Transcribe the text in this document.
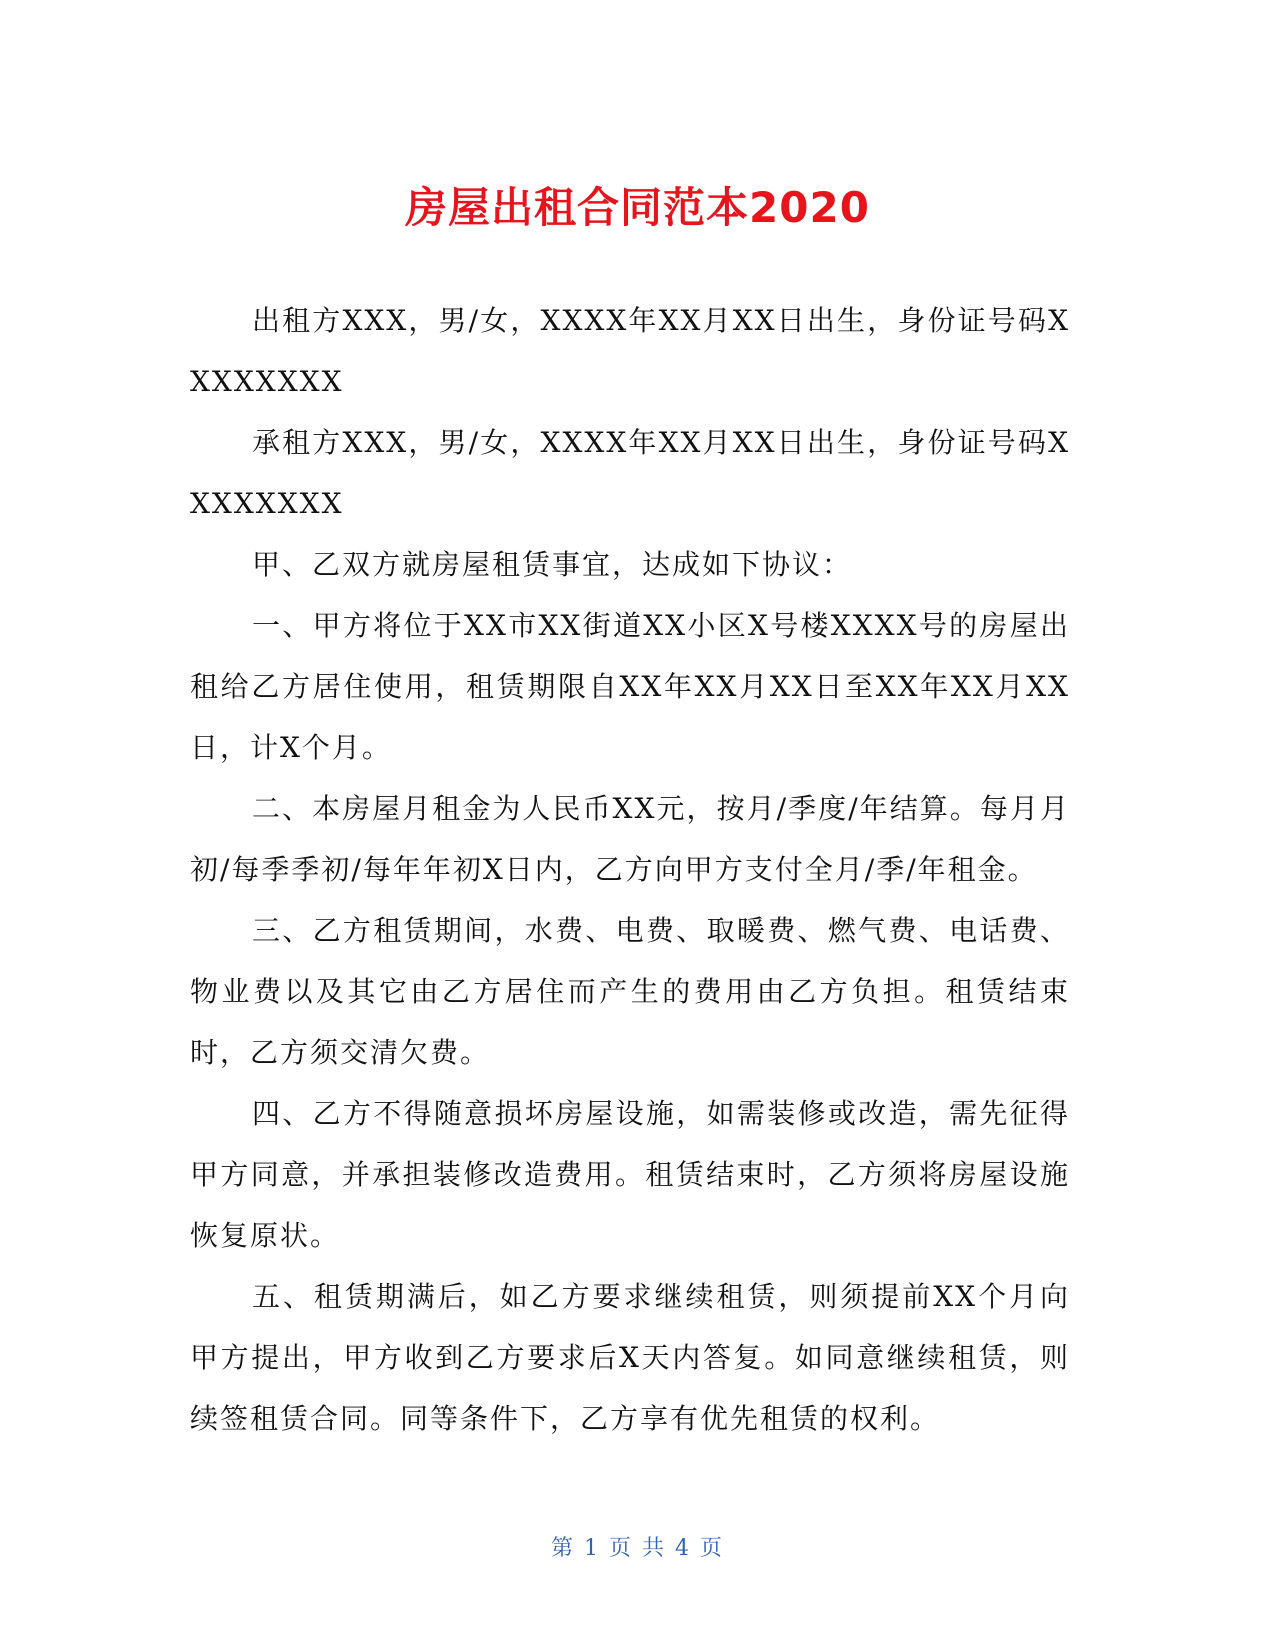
房屋出租合同范本2020

出租方XXX，男/女，XXXX年XX月XX日出生，身份证号码XXXXXXXX

承租方XXX，男/女，XXXX年XX月XX日出生，身份证号码XXXXXXXX

甲、乙双方就房屋租赁事宜，达成如下协议：

一、甲方将位于XX市XX街道XX小区X号楼XXXX号的房屋出租给乙方居住使用，租赁期限自XX年XX月XX日至XX年XX月XX日，计X个月。

二、本房屋月租金为人民币XX元，按月/季度/年结算。每月月初/每季季初/每年年初X日内，乙方向甲方支付全月/季/年租金。

三、乙方租赁期间，水费、电费、取暖费、燃气费、电话费、物业费以及其它由乙方居住而产生的费用由乙方负担。租赁结束时，乙方须交清欠费。

四、乙方不得随意损坏房屋设施，如需装修或改造，需先征得甲方同意，并承担装修改造费用。租赁结束时，乙方须将房屋设施恢复原状。

五、租赁期满后，如乙方要求继续租赁，则须提前XX个月向甲方提出，甲方收到乙方要求后X天内答复。如同意继续租赁，则续签租赁合同。同等条件下，乙方享有优先租赁的权利。

第 1 页 共 4 页
